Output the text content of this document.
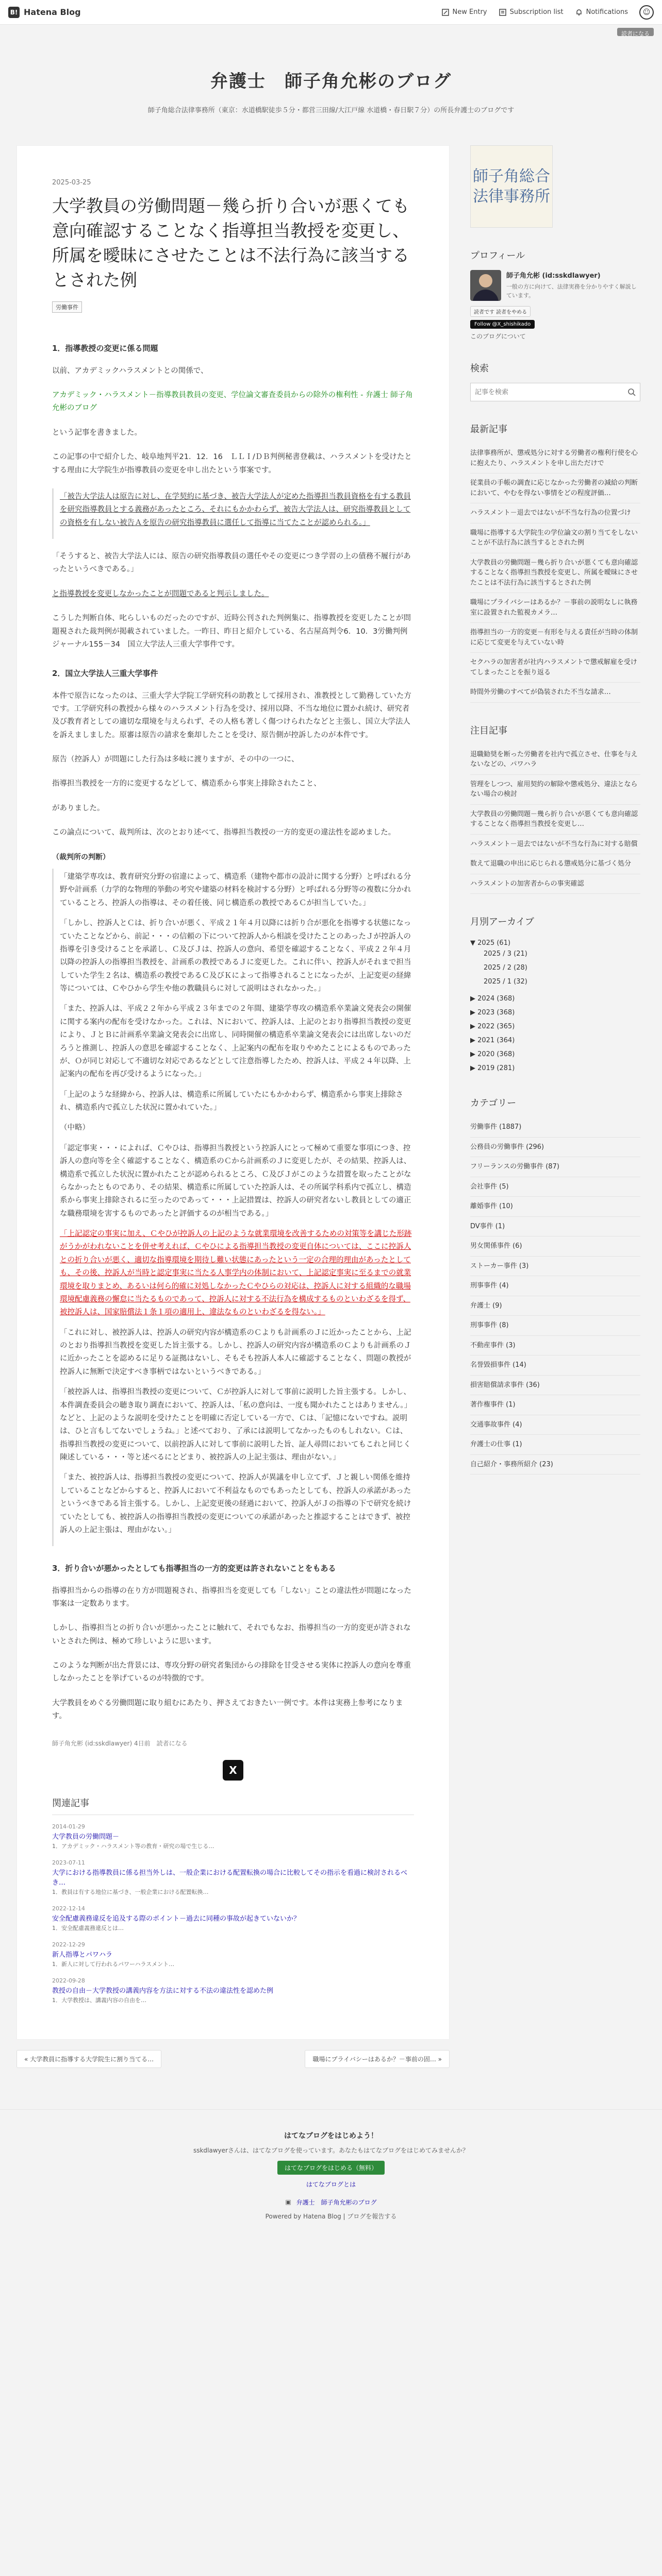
B! Hatena Blog	New Entry	Subscription list	Notifications	☺
読者になる
弁護士　師子角允彬のブログ

師子角総合法律事務所（東京：水道橋駅徒歩５分・都営三田線/大江戸線 水道橋・春日駅７分）の所長弁護士のブログです

2025-03-25
大学教員の労働問題－幾ら折り合いが悪くても意向確認することなく指導担当教授を変更し、所属を曖昧にさせたことは不法行為に該当するとされた例
労働事件
1．指導教授の変更に係る問題

以前、アカデミックハラスメントとの関係で、

アカデミック・ハラスメント－指導教員教員の変更、学位論文審査委員からの除外の権利性 - 弁護士 師子角允彬のブログ

という記事を書きました。

この記事の中で紹介した、岐阜地判平21．12．16　ＬＬＩ/ＤＢ判例秘書登載は、ハラスメントを受けたとする理由に大学院生が指導教員の変更を申し出たという事案です。

「被告大学法人は原告に対し、在学契約に基づき、被告大学法人が定めた指導担当教員資格を有する教員を研究指導教員とする義務があったところ、それにもかかわらず、被告大学法人は、研究指導教員としての資格を有しない被告Ａを原告の研究指導教員に選任して指導に当てたことが認められる。」

「そうすると、被告大学法人には、原告の研究指導教員の選任やその変更につき学習の上の債務不履行があったというべきである。」

と指導教授を変更しなかったことが問題であると判示しました。

こうした判断自体、叱らしいものだったのですが、近時公刊された判例集に、指導教授を変更したことが問題視された裁判例が掲載されていました。一昨日、昨日と紹介している、名古屋高判令6．10．3労働判例ジャーナル155－34　国立大学法人三重大学事件です。

2．国立大学法人三重大学事件

本件で原告になったのは、三重大学大学院工学研究科の助教として採用され、准教授として勤務していた方です。工学研究科の教授から様々のハラスメント行為を受け、採用以降、不当な地位に置かれ続け、研究者及び教育者としての適切な環境を与えられず、その人格も著しく傷つけられたなどと主張し、国立大学法人を訴えましました。原審は原告の請求を棄却したことを受け、原告側が控訴したのが本件です。

原告（控訴人）が問題にした行為は多岐に渡りますが、その中の一つに、

指導担当教授を一方的に変更するなどして、構造系から事実上排除されたこと、

がありました。

この論点について、裁判所は、次のとおり述べて、指導担当教授の一方的変更の違法性を認めました。

（裁判所の判断）

「建築学専攻は、教育研究分野の宿違によって、構造系（建物や都市の設計に関する分野）と呼ばれる分野や計画系（力学的な物理的挙動の考究や建築の材料を検討する分野）と呼ばれる分野等の複数に分かれていることろ、控訴人の指導は、その着任後、同じ構造系の教授であるＣが担当していた。」

「しかし、控訴人とＣは、折り合いが悪く、平成２１年４月以降には折り合が悪化を指導する状態になっていたことなどから、前記・・・の信頼の下について控訴人から相談を受けたことのあったＪが控訴人の指導を引き受けることを承諾し、Ｃ及びＪは、控訴人の意向、希望を確認することなく、平成２２年４月以降の控訴人の指導担当教授を、計画系の教授であるＪに変更した。これに伴い、控訴人がそれまで担当していた学生２名は、構造系の教授であるＣ及びＫによって指導されることになったが、上記変更の経緯等については、Ｃやひから学生や他の教職員らに対して説明はされなかった。」

「また、控訴人は、平成２２年から平成２３年までの２年間、建築学専攻の構造系卒業論文発表会の開催に関する案内の配布を受けなかった。これは、Ｎにおいて、控訴人は、上記のとおり指導担当教授の変更により、ＪとＢに計画系卒業論文発表会に出席し、同時開催の構造系卒業論文発表会には出席しないのだろうと推測し、控訴人の意思を確認することなく、上記案内の配布を取りやめたことによるものであったが、Ｏが同じ対応して不適切な対応であるなどとして注意指導したため、控訴人は、平成２４年以降、上記案内の配布を再び受けるようになった。」

「上記のような経緯から、控訴人は、構造系に所属していたにもかかわらず、構造系から事実上排除され、構造系内で孤立した状況に置かれていた。」

（中略）

「認定事実・・・によれば、Ｃやひは、指導担当教授という控訴人にとって極めて重要な事項につき、控訴人の意向等を全く確認することなく、構造系のＣから計画系のＪに変更したが、その結果、控訴人は、構造系で孤立した状況に置かれたことが認められるところ、Ｃ及びＪがこのような措置を取ったことがならなかったとものであり、その結果、構造系に所属していた控訴人は、その所属学科系内で孤立し、構造系から事実上排除されるに至ったのであって・・・上記措置は、控訴人の研究者ないし教員としての適正な職務環境を害するものであったと評価するのが相当である。」

「上記認定の事実に加え、Ｃやひが控訴人の上記のような就業環境を改善するための対策等を講じた形跡がうかがわれないことを併せ考えれば、Ｃやひによる指導担当教授の変更自体については、ここに控訴人との折り合いが悪く、適切な指導環境を期待し難い状態にあったという一定の合理的理由があったとしても、その後、控訴人が当時と認定事実に当たる人事学内の体制において、上記認定事実に至るまでの就業環境を取りまとめ、あるいは何ら的確に対処しなかったＣやひらの対応は、控訴人に対する組織的な職場環境配慮義務の懈怠に当たるものであって、控訴人に対する不法行為を構成するものといわざるを得ず、被控訴人は、国家賠償法１条１項の適用上、違法なものといわざるを得ない。」

「これに対し、被控訴人は、控訴人の研究内容が構造系のＣよりも計画系のＪに近かったことから、上記のとおり指導担当教授を変更した旨主張する。しかし、控訴人の研究内容が構造系のＣよりも計画系のＪに近かったことを認めるに足りる証拠はないし、そもそも控訴人本人に確認することなく、問題の教授が控訴人に無断で決定すべき事柄ではないというべきである。」

「被控訴人は、指導担当教授の変更について、Ｃが控訴人に対して事前に説明した旨主張する。しかし、本件調査委員会の聴き取り調査において、控訴人は、「私の意向は、一度も聞かれたことはありません。」などと、上記のような説明を受けたことを明確に否定している一方で、Ｃは、「記憶にないですね。説明は、ひと言もしてないでしょうね。」と述べており、了承には説明してなかったものもしれない。Ｃは、指導担当教授の変更について、以前控訴人に対して事前に説明した旨、証人尋問においてもこれと同じく陳述している・・・等と述べるにとどまり、被控訴人の上記主張は、理由がない。」

「また、被控訴人は、指導担当教授の変更について、控訴人が異議を申し立てず、Ｊと親しい関係を維持していることなどからすると、控訴人において不利益なものでもあったとしても、控訴人の承諾があったというべきである旨主張する。しかし、上記変更後の経過において、控訴人がＪの指導の下で研究を続けていたとしても、被控訴人の指導担当教授の変更についての承諾があったと推認することはできず、被控訴人の上記主張は、理由がない。」

3．折り合いが悪かったとしても指導担当の一方的変更は許されないことをもある

指導担当からの指導の在り方が問題視され、指導担当を変更しても「しない」ことの違法性が問題になった事案は一定数あります。

しかし、指導担当との折り合いが悪かったことに触れて、それでもなお、指導担当の一方的変更が許されないとされた例は、極めて珍しいように思います。

このような判断が出た背景には、専攻分野の研究者集団からの排除を甘受させる実体に控訴人の意向を尊重しなかったことを挙げているのが特徴的です。

大学教員をめぐる労働問題に取り組むにあたり、押さえておきたい一例です。本件は実務上参考になります。

師子角允彬 (id:sskdlawyer) 4日前　読者になる
X
関連記事
2014-01-29
大学教員の労働問題－
1．アカデミック・ハラスメント等の教育・研究の場で生じる…
2023-07-11
大学における指導教員に係る担当外しは、一般企業における配置転換の場合に比較してその指示を看過に検討されるべき…
1．教員は有する地位に基づき、一般企業における配置転換…
2022-12-14
安全配慮義務違反を追及する際のポイント－過去に同種の事故が起きていないか？
1．安全配慮義務違反とは…
2022-12-29
新人指導とパワハラ
1．新人に対して行われるパワーハラスメント…
2022-09-28
教授の自由－大学教授の講義内容を方法に対する不法の違法性を認めた例
1．大学教授は、講義内容の自由を…
師子角総合
法律事務所
プロフィール
師子角允彬 (id:sskdlawyer)
一般の方に向けて、法律実務を分かりやすく解説しています。
読者です 読者をやめる
Follow @X_shishikado
このブログについて
検索
記事を検索
最新記事
法律事務所が、懲戒処分に対する労働者の権利行使を心に抱えたり、ハラスメントを申し出ただけで
従業員の手帳の調査に応じなかった労働者の減給の判断において、やむを得ない事情をどの程度評価…
ハラスメント－退去ではないが不当な行為の位置づけ
職場に指導する大学院生の学位論文の割り当てをしないことが不法行為に該当するとされた例
大学教員の労働問題－幾ら折り合いが悪くても意向確認することなく指導担当教授を変更し、所属を曖昧にさせたことは不法行為に該当するとされた例
職場にプライバシーはあるか？－事前の説明なしに執務室に設置された監視カメラ…
指導担当の一方的変更－有形を与える責任が当時の体制に応じて変更を与えていない時
セクハラの加害者が社内ハラスメントで懲戒解雇を受けてしまったことを振り返る
時間外労働のすべてが偽装された不当な請求…
注目記事
退職勧奨を断った労働者を社内で孤立させ、仕事を与えないなどの、パワハラ
管理をしつつ、雇用契約の解除や懲戒処分、違法とならない場合の検討
大学教員の労働問題－幾ら折り合いが悪くても意向確認することなく指導担当教授を変更し…
ハラスメント－退去ではないが不当な行為に対する賠償
数えて退職の申出に応じられる懲戒処分に基づく処分
ハラスメントの加害者からの事実確認
月別アーカイブ
▼ 2025 (61)
2025 / 3 (21)
2025 / 2 (28)
2025 / 1 (32)
▶ 2024 (368)
▶ 2023 (368)
▶ 2022 (365)
▶ 2021 (364)
▶ 2020 (368)
▶ 2019 (281)
カテゴリー
労働事件 (1887)
公務員の労働事件 (296)
フリーランスの労働事件 (87)
会社事件 (5)
離婚事件 (10)
DV事件 (1)
男女関係事件 (6)
ストーカー事件 (3)
刑事事件 (4)
弁護士 (9)
刑事事件 (8)
不動産事件 (3)
名誉毀損事件 (14)
損害賠償請求事件 (36)
著作権事件 (1)
交通事故事件 (4)
弁護士の仕事 (1)
自己紹介・事務所紹介 (23)
« 大学教員に指導する大学院生に割り当てる…	職場にプライバシーはあるか？－事前の固… »
はてなブログをはじめよう！
sskdlawyerさんは、はてなブログを使っています。あなたもはてなブログをはじめてみませんか？
はてなブログをはじめる（無料）
はてなブログとは
▣ 弁護士　師子角允彬のブログ
Powered by Hatena Blog | ブログを報告する
